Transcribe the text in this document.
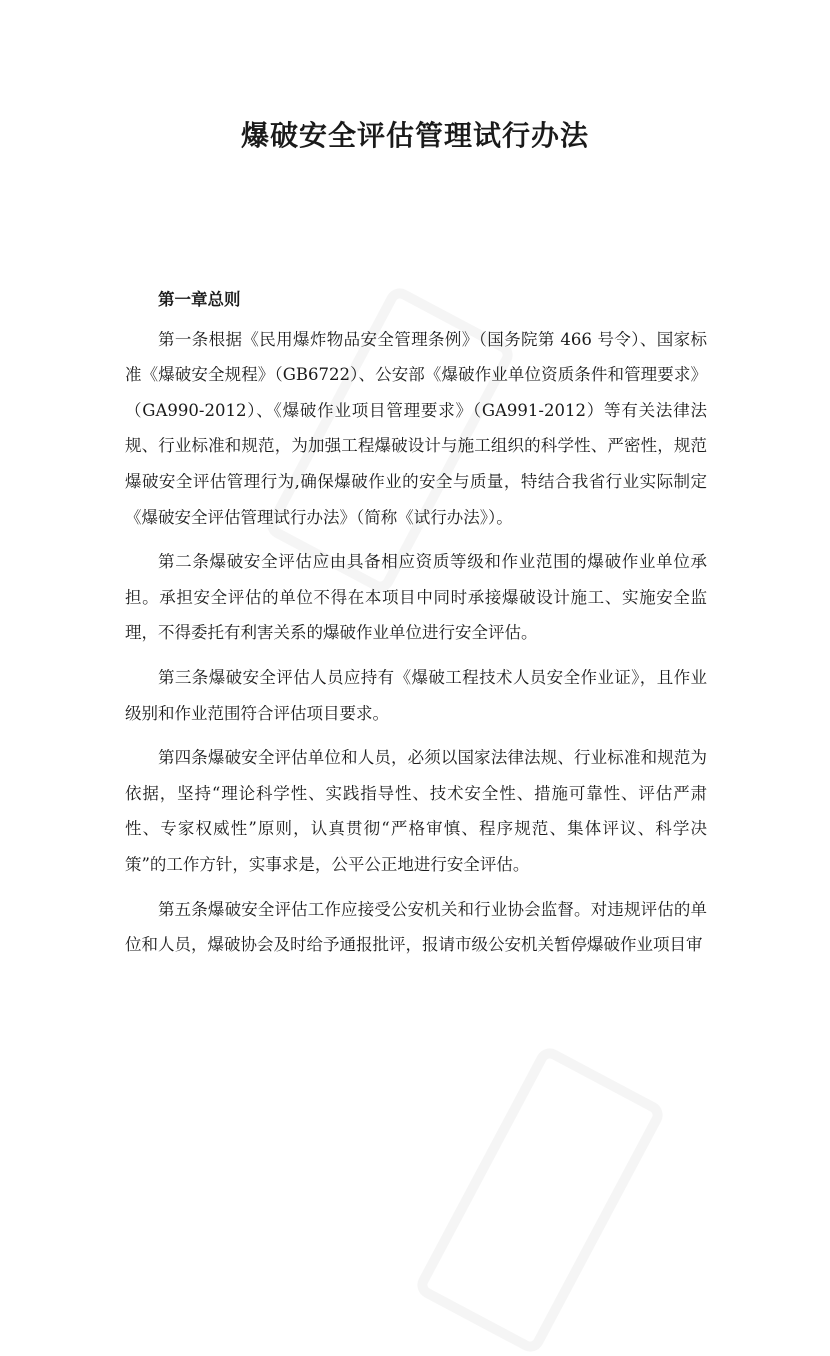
爆破安全评估管理试行办法

第一章总则

第一条根据《民用爆炸物品安全管理条例》（国务院第 466 号令）、国家标准《爆破安全规程》（GB6722）、公安部《爆破作业单位资质条件和管理要求》（GA990-2012）、《爆破作业项目管理要求》（GA991-2012）等有关法律法规、行业标准和规范，为加强工程爆破设计与施工组织的科学性、严密性，规范爆破安全评估管理行为,确保爆破作业的安全与质量，特结合我省行业实际制定《爆破安全评估管理试行办法》（简称《试行办法》）。

第二条爆破安全评估应由具备相应资质等级和作业范围的爆破作业单位承担。承担安全评估的单位不得在本项目中同时承接爆破设计施工、实施安全监理，不得委托有利害关系的爆破作业单位进行安全评估。

第三条爆破安全评估人员应持有《爆破工程技术人员安全作业证》，且作业级别和作业范围符合评估项目要求。

第四条爆破安全评估单位和人员，必须以国家法律法规、行业标准和规范为依据，坚持“理论科学性、实践指导性、技术安全性、措施可靠性、评估严肃性、专家权威性”原则，认真贯彻“严格审慎、程序规范、集体评议、科学决策”的工作方针，实事求是，公平公正地进行安全评估。

第五条爆破安全评估工作应接受公安机关和行业协会监督。对违规评估的单位和人员，爆破协会及时给予通报批评，报请市级公安机关暂停爆破作业项目审
